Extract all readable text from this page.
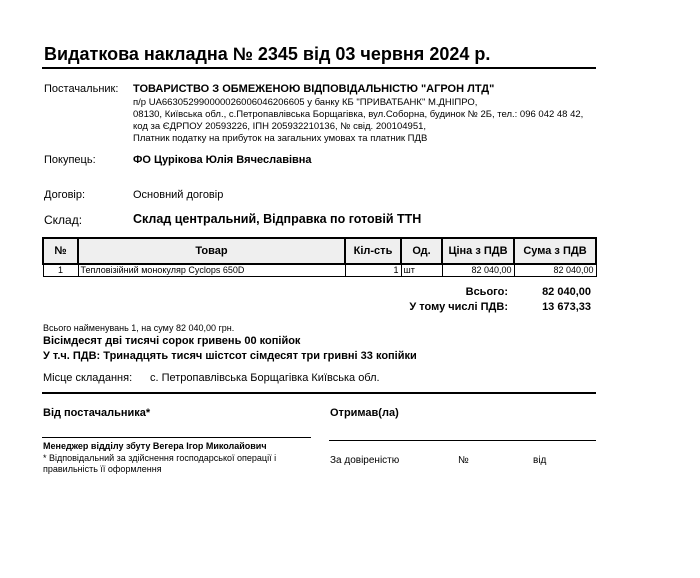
Видаткова накладна № 2345 від 03 червня 2024 р.
Постачальник: ТОВАРИСТВО З ОБМЕЖЕНОЮ ВІДПОВІДАЛЬНІСТЮ "АГРОН ЛТД"
п/р UA663052990000026006046206605 у банку КБ "ПРИВАТБАНК" М.ДНІПРО,
08130, Київська обл., с.Петропавлівська Борщагівка, вул.Соборна, будинок № 2Б, тел.: 096 042 48 42,
код за ЄДРПОУ 20593226, ІПН 205932210136, № свід. 200104951,
Платник податку на прибуток на загальних умовах та платник ПДВ
Покупець:	ФО Цурікова Юлія Вячеславівна
Договір:	Основний договір
Склад:	Склад центральний, Відправка по готовій ТТН
№	Товар	Кіл-сть	Од.	Ціна з ПДВ	Сума з ПДВ
1	Тепловізійний монокуляр Cyclops 650D	1	шт	82 040,00	82 040,00
Всього:	82 040,00
У тому числі ПДВ:	13 673,33
Всього найменувань 1, на суму 82 040,00 грн.
Вісімдесят дві тисячі сорок гривень 00 копійок
У т.ч. ПДВ: Тринадцять тисяч шістсот сімдесят три гривні 33 копійки
Місце складання: с. Петропавлівська Борщагівка Київська обл.
Від постачальника*	Отримав(ла)
Менеджер відділу збуту Вегера Ігор Миколайович
* Відповідальний за здійснення господарської операції і
правильність її оформлення
За довіреністю	№	від
